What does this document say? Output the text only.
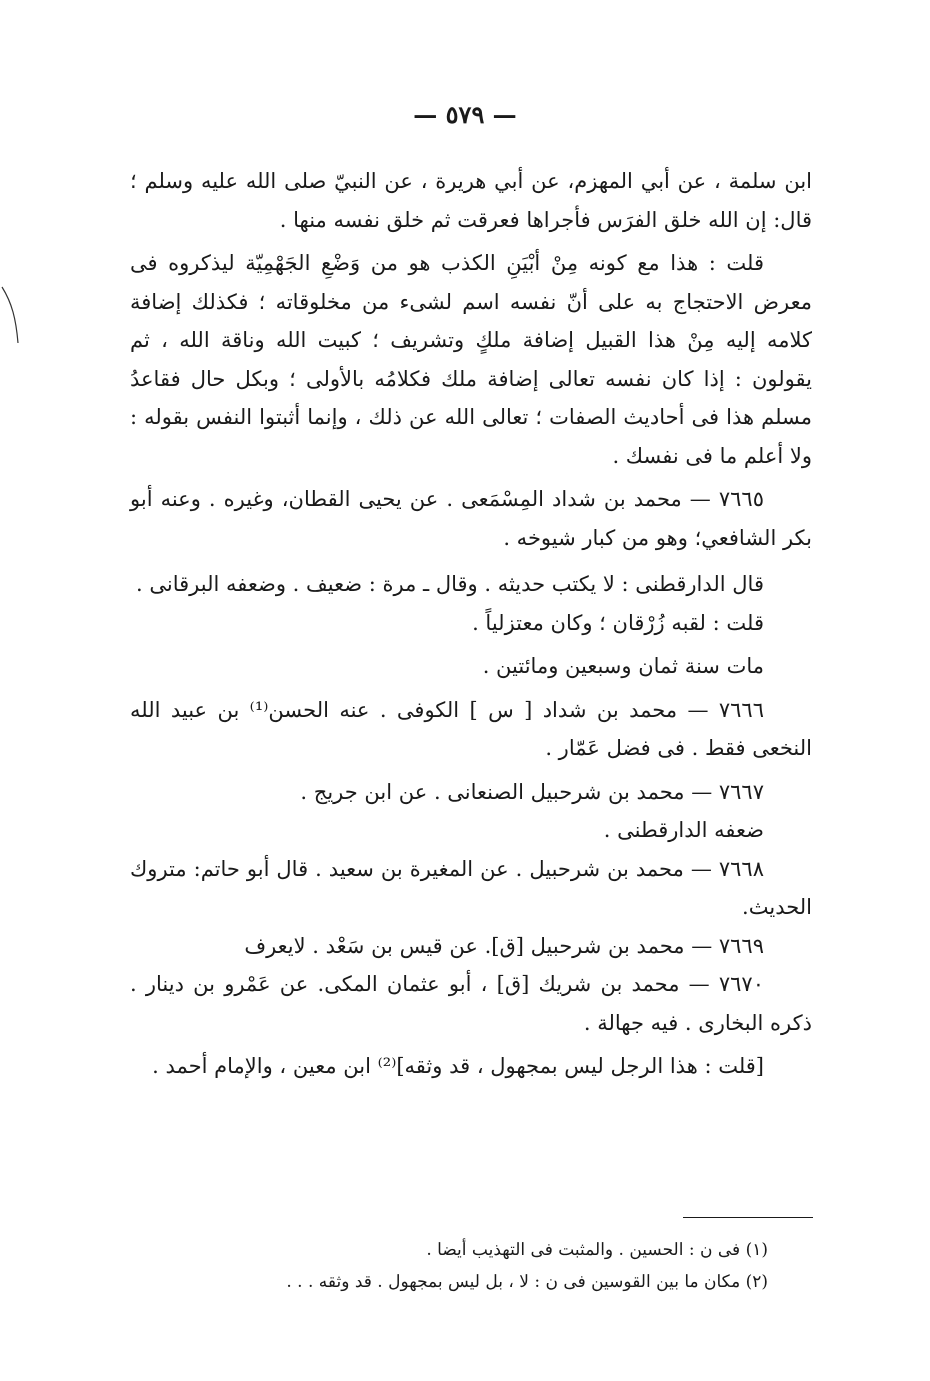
— ٥٧٩ —

ابن سلمة ، عن أبي المهزم، عن أبي هريرة ، عن النبيّ صلى الله عليه وسلم ؛ قال: إن الله خلق الفرَس فأجراها فعرقت ثم خلق نفسه منها .

قلت : هذا مع كونه مِنْ أبْيَنِ الكذب هو من وَضْعِ الجَهْمِيّة ليذكروه فى معرض الاحتجاج به على أنّ نفسه اسم لشىء من مخلوقاته ؛ فكذلك إضافة كلامه إليه مِنْ هذا القبيل إضافة ملكٍ وتشريف ؛ كبيت الله وناقة الله ، ثم يقولون : إذا كان نفسه تعالى إضافة ملك فكلامُه بالأولى ؛ وبكل حال فقاعدُ مسلم هذا فى أحاديث الصفات ؛ تعالى الله عن ذلك ، وإنما أثبتوا النفس بقوله : ولا أعلم ما فى نفسك .

٧٦٦٥ — محمد بن شداد المِسْمَعى . عن يحيى القطان، وغيره . وعنه أبو بكر الشافعي؛ وهو من كبار شيوخه .

قال الدارقطنى : لا يكتب حديثه . وقال ـ مرة : ضعيف . وضعفه البرقانى .

قلت : لقبه زُرْقان ؛ وكان معتزلياً .

مات سنة ثمان وسبعين ومائتين .

٧٦٦٦ — محمد بن شداد [ س ] الكوفى . عنه الحسن⁽¹⁾ بن عبيد الله النخعى فقط . فى فضل عَمّار .

٧٦٦٧ — محمد بن شرحبيل الصنعانى . عن ابن جريج .

ضعفه الدارقطنى .

٧٦٦٨ — محمد بن شرحبيل . عن المغيرة بن سعيد . قال أبو حاتم: متروك الحديث.

٧٦٦٩ — محمد بن شرحبيل [ق]. عن قيس بن سَعْد . لايعرف

٧٦٧٠ — محمد بن شريك [ق] ، أبو عثمان المكى. عن عَمْرو بن دينار . ذكره البخارى . فيه جهالة .

[قلت : هذا الرجل ليس بمجهول ، قد وثقه]⁽²⁾ ابن معين ، والإمام أحمد .

(١) فى ن : الحسين . والمثبت فى التهذيب أيضا .

(٢) مكان ما بين القوسين فى ن : لا ، بل ليس بمجهول . قد وثقه . . .
